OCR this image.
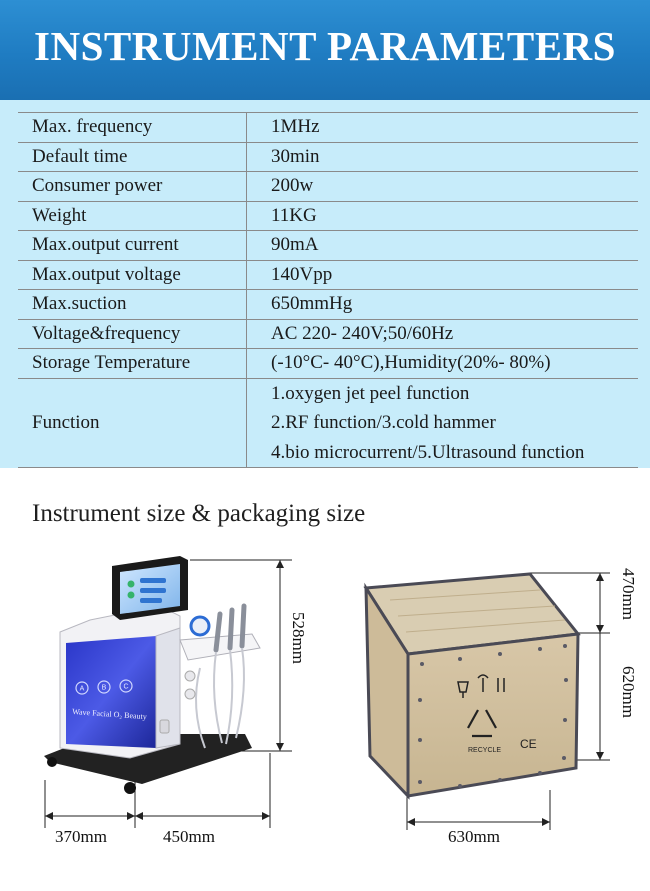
INSTRUMENT PARAMETERS
Max. frequency	1MHz
Default time	30min
Consumer power	200w
Weight	11KG
Max.output current	90mA
Max.output voltage	140Vpp
Max.suction	650mmHg
Voltage&frequency	AC 220- 240V;50/60Hz
Storage Temperature	(-10°C- 40°C),Humidity(20%- 80%)
Function	1.oxygen jet peel function
2.RF function/3.cold hammer
4.bio microcurrent/5.Ultrasound function
Instrument size & packaging size
A B C
Wave Facial O₂ Beauty
RECYCLE CE
528mm
370mm	450mm
470mm
620mm
630mm
